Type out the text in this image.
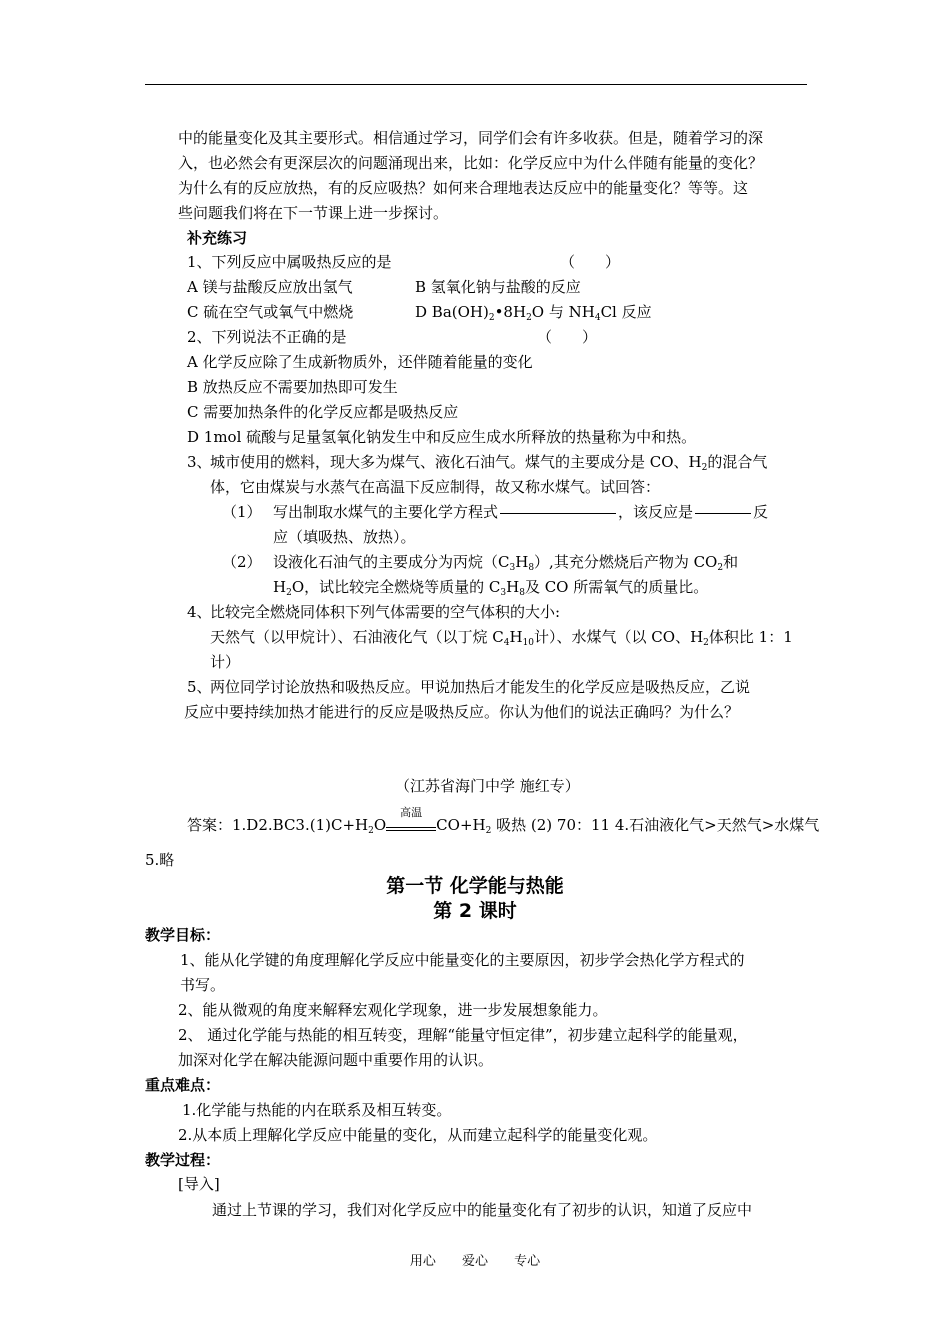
中的能量变化及其主要形式。相信通过学习，同学们会有许多收获。但是，随着学习的深
入，也必然会有更深层次的问题涌现出来，比如：化学反应中为什么伴随有能量的变化？
为什么有的反应放热，有的反应吸热？如何来合理地表达反应中的能量变化？等等。这
些问题我们将在下一节课上进一步探讨。
补充练习
1、下列反应中属吸热反应的是	（　　）
A 镁与盐酸反应放出氢气	B 氢氧化钠与盐酸的反应
C 硫在空气或氧气中燃烧	D $Ba(OH)_2•8H_2O$ 与 $NH_4Cl$ 反应
2、下列说法不正确的是	（　　）
A 化学反应除了生成新物质外，还伴随着能量的变化
B 放热反应不需要加热即可发生
C 需要加热条件的化学反应都是吸热反应
D 1mol 硫酸与足量氢氧化钠发生中和反应生成水所释放的热量称为中和热。
3、
城市使用的燃料，现大多为煤气、液化石油气。煤气的主要成分是 CO、$H_2$的混合气
体，它由煤炭与水蒸气在高温下反应制得，故又称水煤气。试回答：
（1） 写出制取水煤气的主要化学方程式	，该反应是	反
应（填吸热、放热）。
（2） 设液化石油气的主要成分为丙烷$(C_3H_8)$,其充分燃烧后产物为 $CO_2$和
$H_2O$，试比较完全燃烧等质量的 $C_3H_8$及 CO 所需氧气的质量比。
4、
比较完全燃烧同体积下列气体需要的空气体积的大小:
天然气（以甲烷计）、石油液化气（以丁烷 $C_4H_{10}$计）、水煤气（以 CO、$H_2$体积比 1：1
计）
5、
两位同学讨论放热和吸热反应。甲说加热后才能发生的化学反应是吸热反应，乙说
反应中要持续加热才能进行的反应是吸热反应。你认为他们的说法正确吗？为什么？
（江苏省海门中学 施红专）
答案：$1.D2.BC3.(1)C+H_2O$
高温
$CO+H_2$ 吸热 (2) 70：11 4.石油液化气>天然气>水煤气
5.略
第一节 化学能与热能
第 2 课时
教学目标：
1、能从化学键的角度理解化学反应中能量变化的主要原因，初步学会热化学方程式的
书写。
2、能从微观的角度来解释宏观化学现象，进一步发展想象能力。
2、 通过化学能与热能的相互转变，理解“能量守恒定律”，初步建立起科学的能量观，
加深对化学在解决能源问题中重要作用的认识。
重点难点：
1.化学能与热能的内在联系及相互转变。
2.从本质上理解化学反应中能量的变化，从而建立起科学的能量变化观。
教学过程：
[导入]
通过上节课的学习，我们对化学反应中的能量变化有了初步的认识，知道了反应中
用心 爱心 专心
